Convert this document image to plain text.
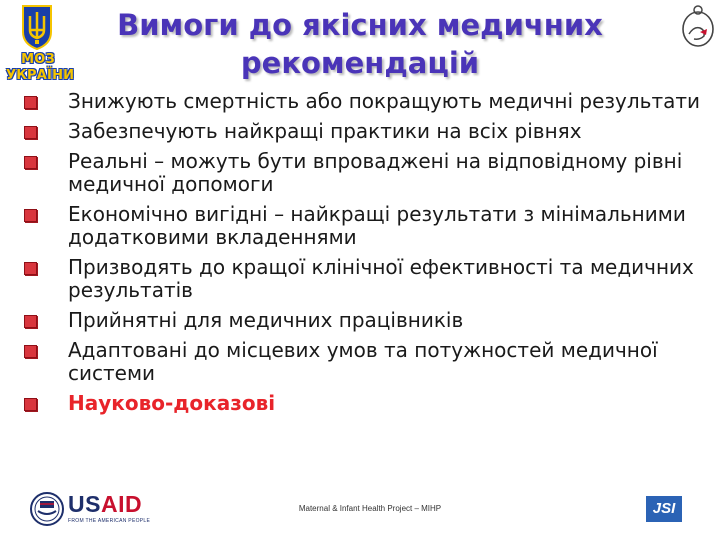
МОЗ
УКРАЇНИ
Вимоги до якісних медичних
рекомендацій
Знижують смертність або покращують медичні результати
Забезпечують найкращі практики на всіх рівнях
Реальні – можуть бути впроваджені на відповідному рівні медичної допомоги
Економічно вигідні – найкращі результати з мінімальними додатковими вкладеннями
Призводять до кращої клінічної ефективності та медичних результатів
Прийнятні для медичних працівників
Адаптовані до місцевих умов та потужностей медичної системи
Науково-доказові
USAID
FROM THE AMERICAN PEOPLE
Maternal & Infant Health Project – MIHP	JSI
